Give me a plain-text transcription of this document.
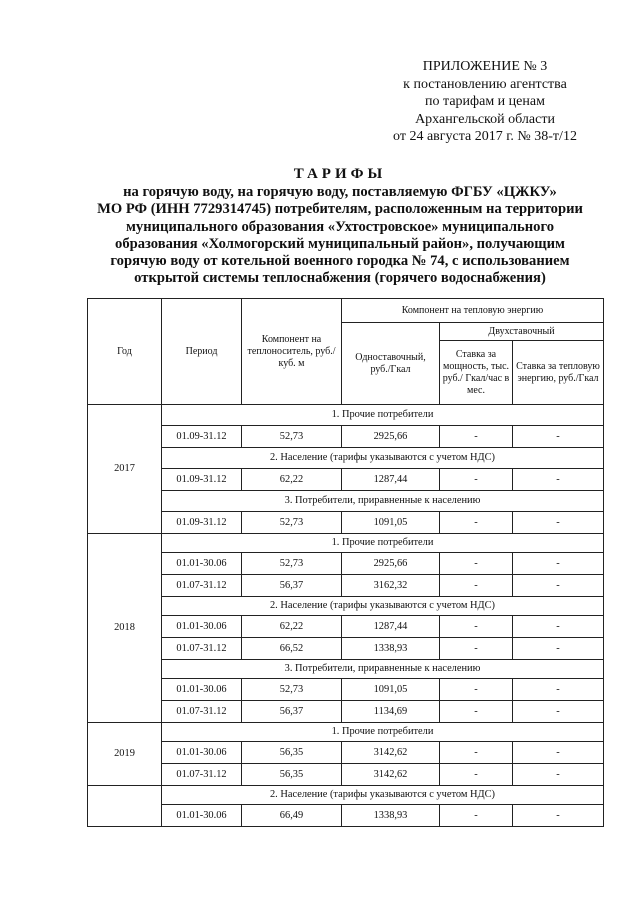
ПРИЛОЖЕНИЕ № 3
к постановлению агентства
по тарифам и ценам
Архангельской области
от 24 августа 2017 г. № 38-т/12
ТАРИФЫ
на горячую воду, на горячую воду, поставляемую ФГБУ «ЦЖКУ»
МО РФ (ИНН 7729314745) потребителям, расположенным на территории
муниципального образования «Ухтостровское» муниципального
образования «Холмогорский муниципальный район», получающим
горячую воду от котельной военного городка № 74, с использованием
открытой системы теплоснабжения (горячего водоснабжения)
Год	Период	Компонент на теплоноситель, руб./куб. м	Компонент на тепловую энергию		
			Одноставочный, руб./Гкал	Двухставочный	
				Ставка за мощность, тыс. руб./ Гкал/час в мес.	Ставка за тепловую энергию, руб./Гкал
2017	1. Прочие потребители				
	01.09-31.12	52,73	2925,66	-	-
	2. Население (тарифы указываются с учетом НДС)				
	01.09-31.12	62,22	1287,44	-	-
	3. Потребители, приравненные к населению				
	01.09-31.12	52,73	1091,05	-	-
2018	1. Прочие потребители				
	01.01-30.06	52,73	2925,66	-	-
	01.07-31.12	56,37	3162,32	-	-
	2. Население (тарифы указываются с учетом НДС)				
	01.01-30.06	62,22	1287,44	-	-
	01.07-31.12	66,52	1338,93	-	-
	3. Потребители, приравненные к населению				
	01.01-30.06	52,73	1091,05	-	-
	01.07-31.12	56,37	1134,69	-	-
2019	1. Прочие потребители				
	01.01-30.06	56,35	3142,62	-	-
	01.07-31.12	56,35	3142,62	-	-
	2. Население (тарифы указываются с учетом НДС)				
	01.01-30.06	66,49	1338,93	-	-
